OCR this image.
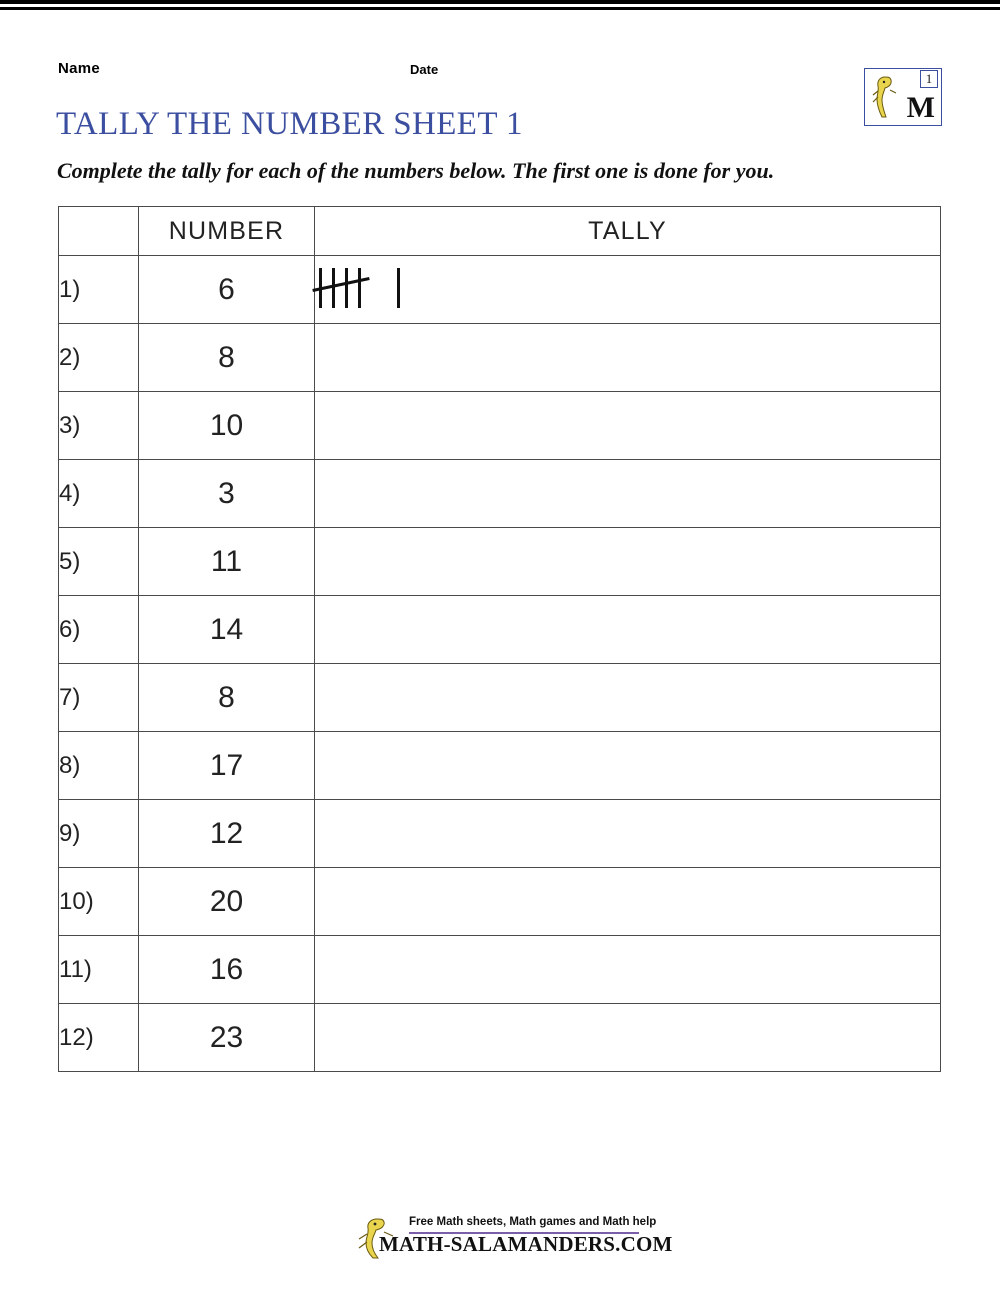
Name	Date
1
M
TALLY THE NUMBER SHEET 1
Complete the tally for each of the numbers below. The first one is done for you.
	NUMBER	TALLY
1)	6	

2)	8	
3)	10	
4)	3	
5)	11	
6)	14	
7)	8	
8)	17	
9)	12	
10)	20	
11)	16	
12)	23	
Free Math sheets, Math games and Math help
MATH-SALAMANDERS.COM
